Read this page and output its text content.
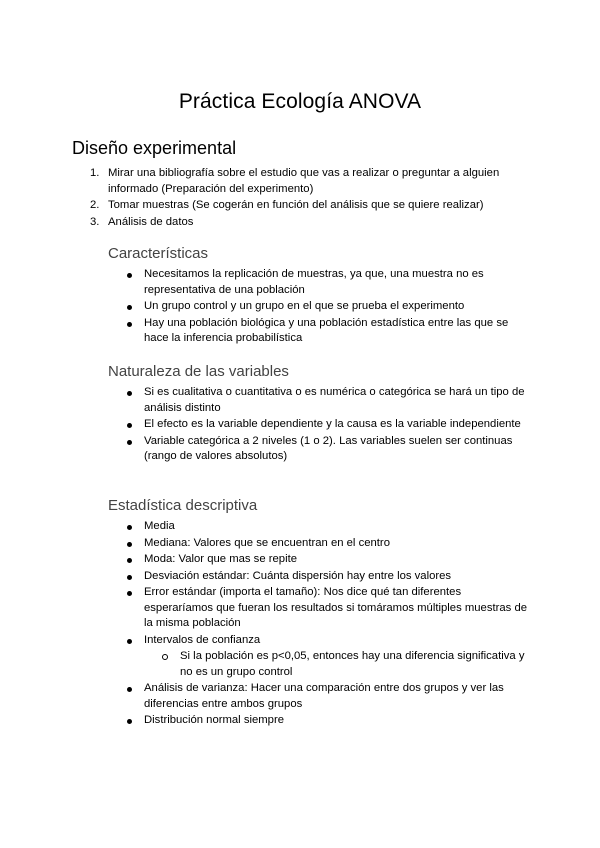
Práctica Ecología ANOVA
Diseño experimental
1. Mirar una bibliografía sobre el estudio que vas a realizar o preguntar a alguien informado (Preparación del experimento)
2. Tomar muestras (Se cogerán en función del análisis que se quiere realizar)
3. Análisis de datos
Características
Necesitamos la replicación de muestras, ya que, una muestra no es representativa de una población
Un grupo control y un grupo en el que se prueba el experimento
Hay una población biológica y una población estadística entre las que se hace la inferencia probabilística
Naturaleza de las variables
Si es cualitativa o cuantitativa o es numérica o categórica se hará un tipo de análisis distinto
El efecto es la variable dependiente y la causa es la variable independiente
Variable categórica a 2 niveles (1 o 2). Las variables suelen ser continuas (rango de valores absolutos)
Estadística descriptiva
Media
Mediana: Valores que se encuentran en el centro
Moda: Valor que mas se repite
Desviación estándar: Cuánta dispersión hay entre los valores
Error estándar (importa el tamaño): Nos dice qué tan diferentes esperaríamos que fueran los resultados si tomáramos múltiples muestras de la misma población
Intervalos de confianza
Si la población es p<0,05, entonces hay una diferencia significativa y no es un grupo control
Análisis de varianza: Hacer una comparación entre dos grupos y ver las diferencias entre ambos grupos
Distribución normal siempre
